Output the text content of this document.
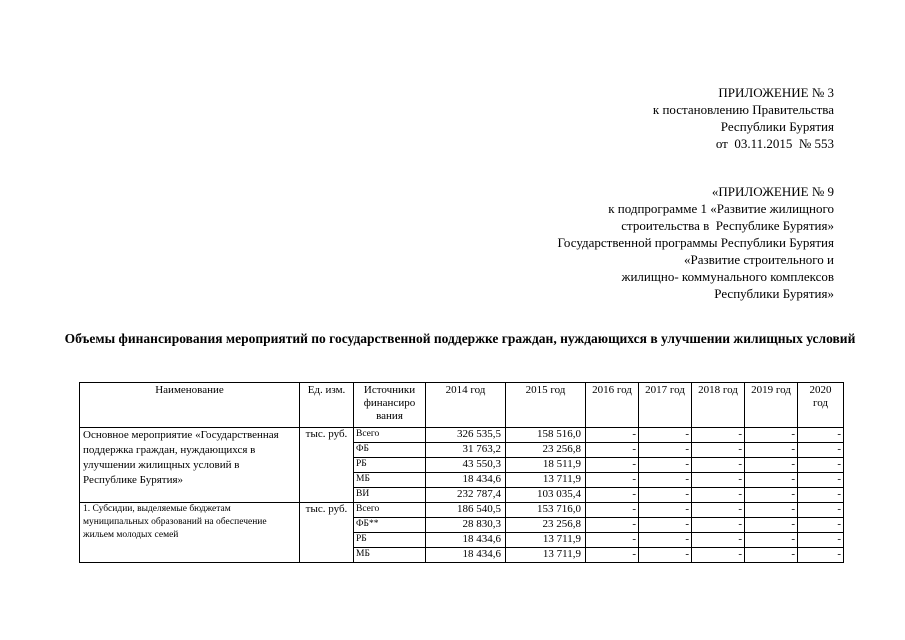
ПРИЛОЖЕНИЕ № 3
к постановлению Правительства
Республики Бурятия
от  03.11.2015  № 553
«ПРИЛОЖЕНИЕ № 9
к подпрограмме 1 «Развитие жилищного
строительства в  Республике Бурятия»
Государственной программы Республики Бурятия
«Развитие строительного и
жилищно- коммунального комплексов
Республики Бурятия»
Объемы финансирования мероприятий по государственной поддержке граждан, нуждающихся в улучшении жилищных условий
Наименование	Ед. изм.	Источники финансиро вания	2014 год	2015 год	2016 год	2017 год	2018 год	2019 год	2020 год
Основное мероприятие «Государственная поддержка граждан, нуждающихся в улучшении жилищных условий в Республике Бурятия»	тыс. руб.	Всего	326 535,5	158 516,0	-	-	-	-	-
		ФБ	31 763,2	23 256,8	-	-	-	-	-
		РБ	43 550,3	18 511,9	-	-	-	-	-
		МБ	18 434,6	13 711,9	-	-	-	-	-
		ВИ	232 787,4	103 035,4	-	-	-	-	-
1. Субсидии, выделяемые бюджетам муниципальных образований на обеспечение жильем молодых семей	тыс. руб.	Всего	186 540,5	153 716,0	-	-	-	-	-
		ФБ**	28 830,3	23 256,8	-	-	-	-	-
		РБ	18 434,6	13 711,9	-	-	-	-	-
		МБ	18 434,6	13 711,9	-	-	-	-	-
